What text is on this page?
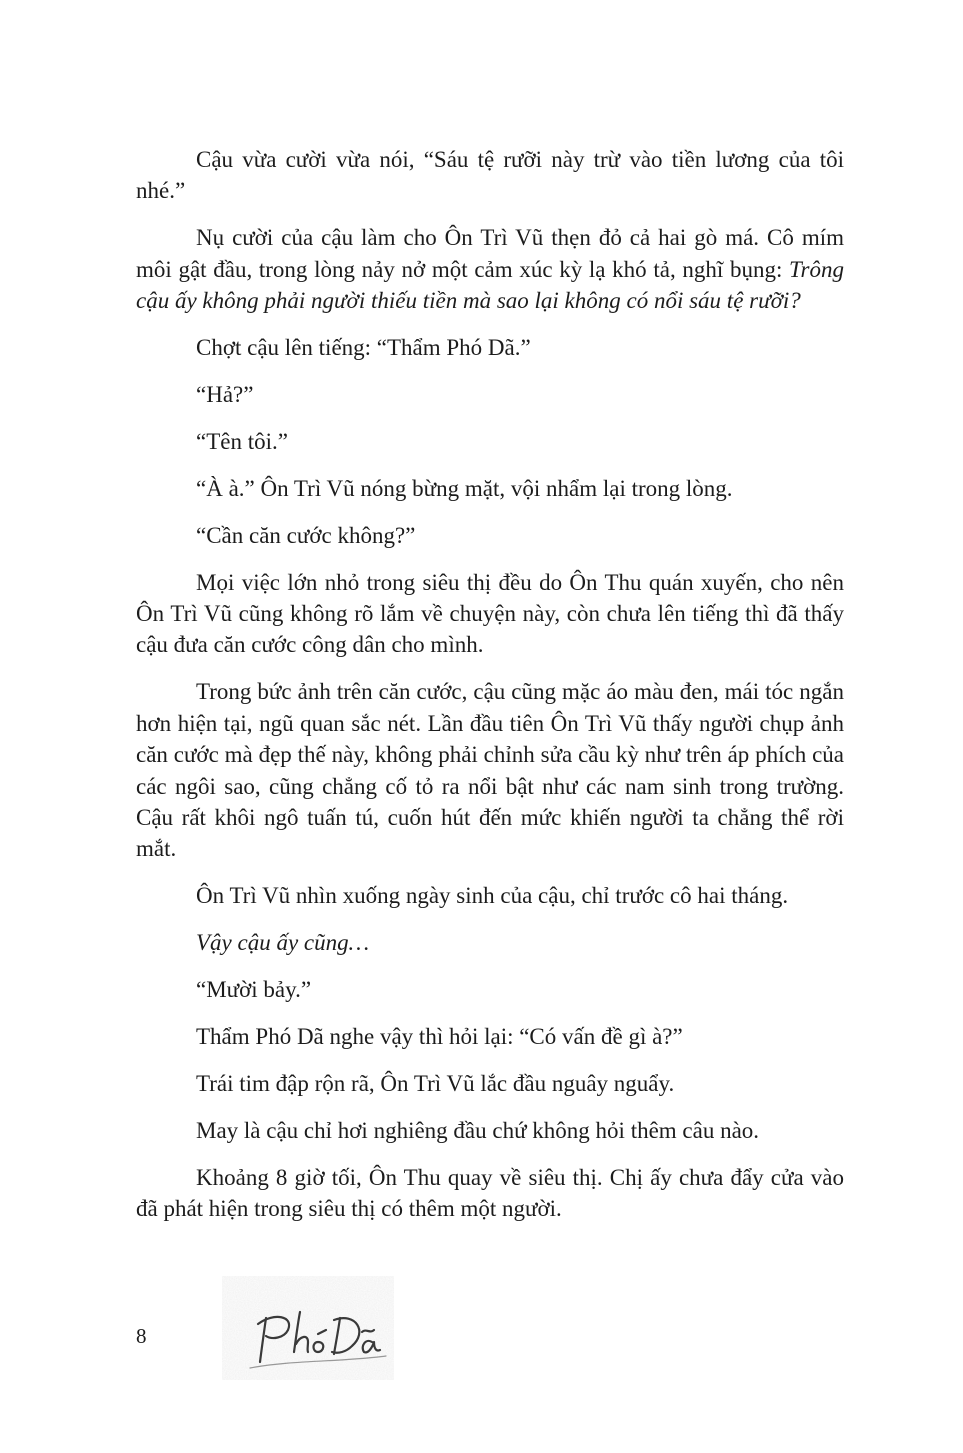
Cậu vừa cười vừa nói, “Sáu tệ rưỡi này trừ vào tiền lương của tôi nhé.”

Nụ cười của cậu làm cho Ôn Trì Vũ thẹn đỏ cả hai gò má. Cô mím môi gật đầu, trong lòng nảy nở một cảm xúc kỳ lạ khó tả, nghĩ bụng: Trông cậu ấy không phải người thiếu tiền mà sao lại không có nổi sáu tệ rưỡi?

Chợt cậu lên tiếng: “Thẩm Phó Dã.”

“Hả?”

“Tên tôi.”

“À à.” Ôn Trì Vũ nóng bừng mặt, vội nhẩm lại trong lòng.

“Cần căn cước không?”

Mọi việc lớn nhỏ trong siêu thị đều do Ôn Thu quán xuyến, cho nên Ôn Trì Vũ cũng không rõ lắm về chuyện này, còn chưa lên tiếng thì đã thấy cậu đưa căn cước công dân cho mình.

Trong bức ảnh trên căn cước, cậu cũng mặc áo màu đen, mái tóc ngắn hơn hiện tại, ngũ quan sắc nét. Lần đầu tiên Ôn Trì Vũ thấy người chụp ảnh căn cước mà đẹp thế này, không phải chỉnh sửa cầu kỳ như trên áp phích của các ngôi sao, cũng chẳng cố tỏ ra nổi bật như các nam sinh trong trường. Cậu rất khôi ngô tuấn tú, cuốn hút đến mức khiến người ta chẳng thể rời mắt.

Ôn Trì Vũ nhìn xuống ngày sinh của cậu, chỉ trước cô hai tháng.

Vậy cậu ấy cũng…

“Mười bảy.”

Thẩm Phó Dã nghe vậy thì hỏi lại: “Có vấn đề gì à?”

Trái tim đập rộn rã, Ôn Trì Vũ lắc đầu nguây nguẩy.

May là cậu chỉ hơi nghiêng đầu chứ không hỏi thêm câu nào.

Khoảng 8 giờ tối, Ôn Thu quay về siêu thị. Chị ấy chưa đẩy cửa vào đã phát hiện trong siêu thị có thêm một người.

8
